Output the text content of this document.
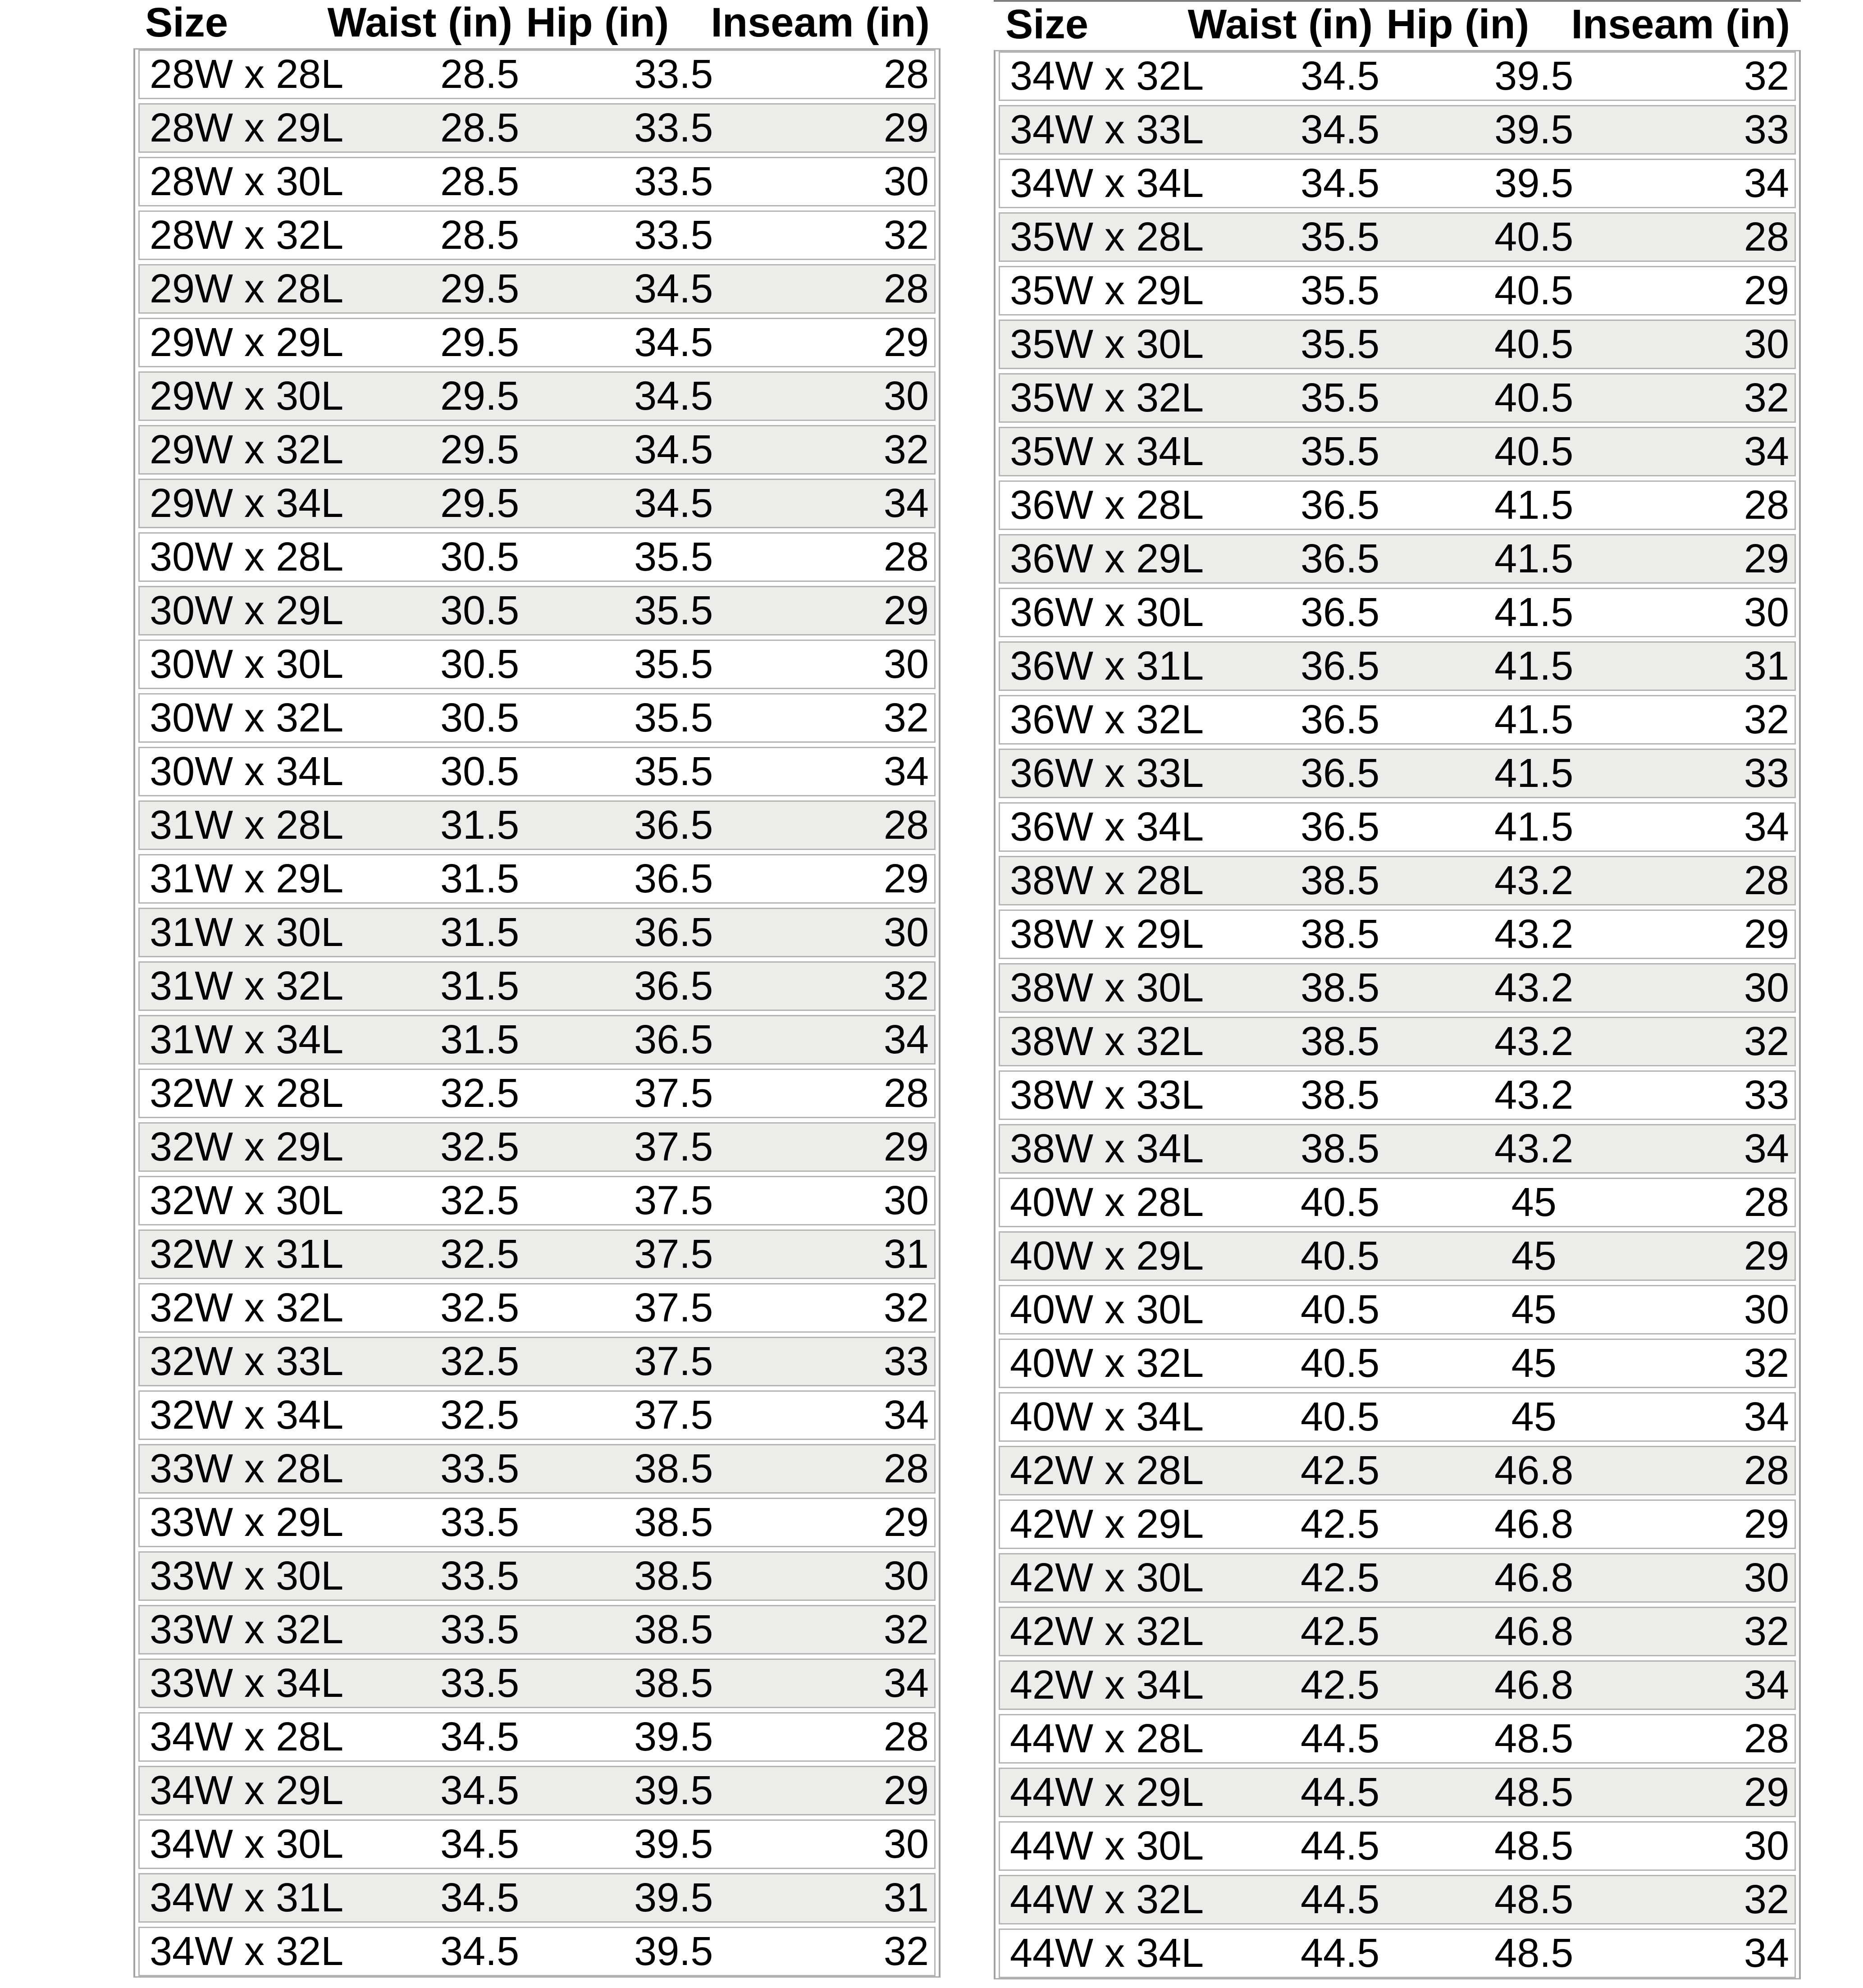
Size Waist (in) Hip (in) Inseam (in)
28W x 28L 28.5	33.5	28
28W x 29L 28.5	33.5	29
28W x 30L 28.5	33.5	30
28W x 32L 28.5	33.5	32
29W x 28L 29.5	34.5	28
29W x 29L 29.5	34.5	29
29W x 30L 29.5	34.5	30
29W x 32L 29.5	34.5	32
29W x 34L 29.5	34.5	34
30W x 28L 30.5	35.5	28
30W x 29L 30.5	35.5	29
30W x 30L 30.5	35.5	30
30W x 32L 30.5	35.5	32
30W x 34L 30.5	35.5	34
31W x 28L 31.5	36.5	28
31W x 29L 31.5	36.5	29
31W x 30L 31.5	36.5	30
31W x 32L 31.5	36.5	32
31W x 34L 31.5	36.5	34
32W x 28L 32.5	37.5	28
32W x 29L 32.5	37.5	29
32W x 30L 32.5	37.5	30
32W x 31L 32.5	37.5	31
32W x 32L 32.5	37.5	32
32W x 33L 32.5	37.5	33
32W x 34L 32.5	37.5	34
33W x 28L 33.5	38.5	28
33W x 29L 33.5	38.5	29
33W x 30L 33.5	38.5	30
33W x 32L 33.5	38.5	32
33W x 34L 33.5	38.5	34
34W x 28L 34.5	39.5	28
34W x 29L 34.5	39.5	29
34W x 30L 34.5	39.5	30
34W x 31L 34.5	39.5	31
34W x 32L 34.5	39.5	32
Size Waist (in) Hip (in) Inseam (in)
34W x 32L 34.5	39.5	32
34W x 33L 34.5	39.5	33
34W x 34L 34.5	39.5	34
35W x 28L 35.5	40.5	28
35W x 29L 35.5	40.5	29
35W x 30L 35.5	40.5	30
35W x 32L 35.5	40.5	32
35W x 34L 35.5	40.5	34
36W x 28L 36.5	41.5	28
36W x 29L 36.5	41.5	29
36W x 30L 36.5	41.5	30
36W x 31L 36.5	41.5	31
36W x 32L 36.5	41.5	32
36W x 33L 36.5	41.5	33
36W x 34L 36.5	41.5	34
38W x 28L 38.5	43.2	28
38W x 29L 38.5	43.2	29
38W x 30L 38.5	43.2	30
38W x 32L 38.5	43.2	32
38W x 33L 38.5	43.2	33
38W x 34L 38.5	43.2	34
40W x 28L 40.5	45	28
40W x 29L 40.5	45	29
40W x 30L 40.5	45	30
40W x 32L 40.5	45	32
40W x 34L 40.5	45	34
42W x 28L 42.5	46.8	28
42W x 29L 42.5	46.8	29
42W x 30L 42.5	46.8	30
42W x 32L 42.5	46.8	32
42W x 34L 42.5	46.8	34
44W x 28L 44.5	48.5	28
44W x 29L 44.5	48.5	29
44W x 30L 44.5	48.5	30
44W x 32L 44.5	48.5	32
44W x 34L 44.5	48.5	34
